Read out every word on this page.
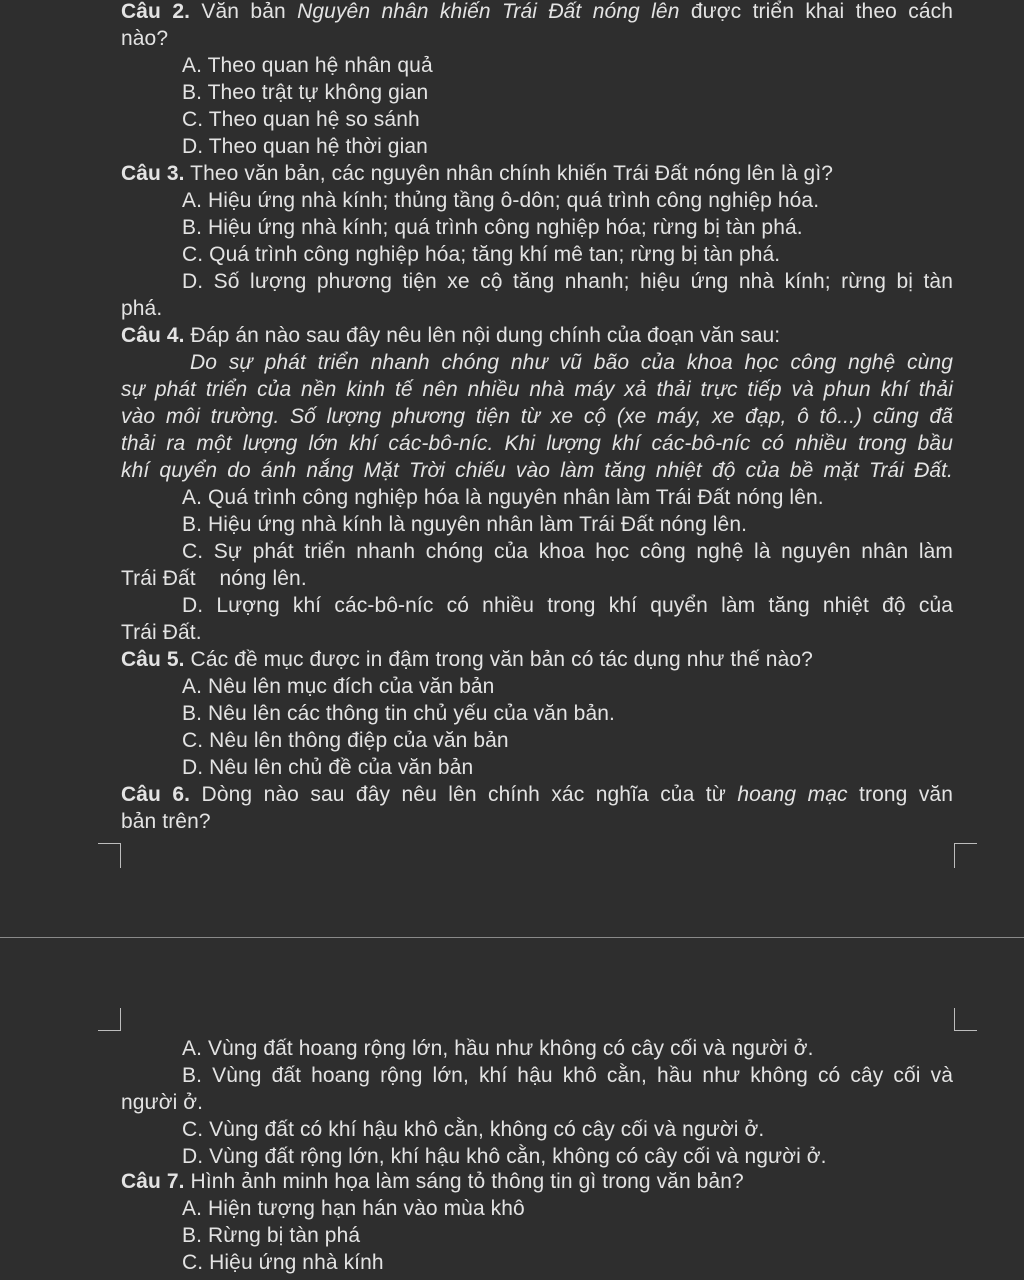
Câu 2. Văn bản Nguyên nhân khiến Trái Đất nóng lên được triển khai theo cách
nào?
A. Theo quan hệ nhân quả
B. Theo trật tự không gian
C. Theo quan hệ so sánh
D. Theo quan hệ thời gian
Câu 3. Theo văn bản, các nguyên nhân chính khiến Trái Đất nóng lên là gì?
A. Hiệu ứng nhà kính; thủng tầng ô-dôn; quá trình công nghiệp hóa.
B. Hiệu ứng nhà kính; quá trình công nghiệp hóa; rừng bị tàn phá.
C. Quá trình công nghiệp hóa; tăng khí mê tan; rừng bị tàn phá.
D. Số lượng phương tiện xe cộ tăng nhanh; hiệu ứng nhà kính; rừng bị tàn
phá.
Câu 4. Đáp án nào sau đây nêu lên nội dung chính của đoạn văn sau:
Do sự phát triển nhanh chóng như vũ bão của khoa học công nghệ cùng
sự phát triển của nền kinh tế nên nhiều nhà máy xả thải trực tiếp và phun khí thải
vào môi trường. Số lượng phương tiện từ xe cộ (xe máy, xe đạp, ô tô...) cũng đã
thải ra một lượng lớn khí các-bô-níc. Khi lượng khí các-bô-níc có nhiều trong bầu
khí quyển do ánh nắng Mặt Trời chiếu vào làm tăng nhiệt độ của bề mặt Trái Đất.
A. Quá trình công nghiệp hóa là nguyên nhân làm Trái Đất nóng lên.
B. Hiệu ứng nhà kính là nguyên nhân làm Trái Đất nóng lên.
C. Sự phát triển nhanh chóng của khoa học công nghệ là nguyên nhân làm
Trái Đất    nóng lên.
D. Lượng khí các-bô-níc có nhiều trong khí quyển làm tăng nhiệt độ của
Trái Đất.
Câu 5. Các đề mục được in đậm trong văn bản có tác dụng như thế nào?
A. Nêu lên mục đích của văn bản
B. Nêu lên các thông tin chủ yếu của văn bản.
C. Nêu lên thông điệp của văn bản
D. Nêu lên chủ đề của văn bản
Câu 6. Dòng nào sau đây nêu lên chính xác nghĩa của từ hoang mạc trong văn
bản trên?
A. Vùng đất hoang rộng lớn, hầu như không có cây cối và người ở.
B. Vùng đất hoang rộng lớn, khí hậu khô cằn, hầu như không có cây cối và
người ở.
C. Vùng đất có khí hậu khô cằn, không có cây cối và người ở.
D. Vùng đất rộng lớn, khí hậu khô cằn, không có cây cối và người ở.
Câu 7. Hình ảnh minh họa làm sáng tỏ thông tin gì trong văn bản?
A. Hiện tượng hạn hán vào mùa khô
B. Rừng bị tàn phá
C. Hiệu ứng nhà kính
